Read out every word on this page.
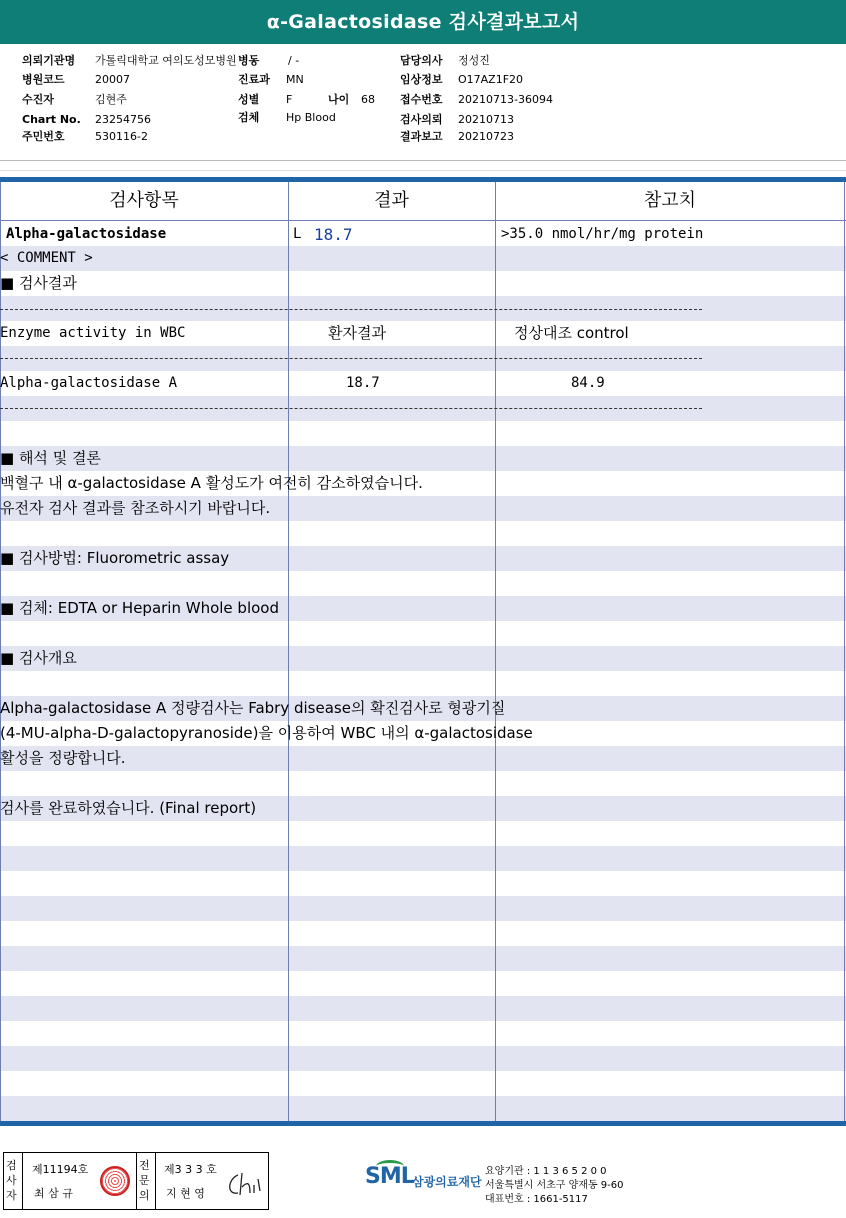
α-Galactosidase 검사결과보고서
의뢰기관명 가톨릭대학교 여의도성모병원 병동	/ -	담당의사 정성진
병원코드	20007	진료과 MN	임상정보 O17AZ1F20
수진자	김현주	성별 F	나이 68 접수번호 20210713-36094
Chart No. 23254756	검체 Hp Blood	검사의뢰 20210713
주민번호	530116-2	결과보고 20210723
검사항목	결과	참고치
Alpha-galactosidase	L 18.7	>35.0 nmol/hr/mg protein
< COMMENT >
■ 검사결과
Enzyme activity in WBC	환자결과	정상대조 control
Alpha-galactosidase A	18.7	84.9
■ 해석 및 결론
백혈구 내 α-galactosidase A 활성도가 여전히 감소하였습니다.
유전자 검사 결과를 참조하시기 바랍니다.
■ 검사방법: Fluorometric assay
■ 검체: EDTA or Heparin Whole blood
■ 검사개요
Alpha-galactosidase A 정량검사는 Fabry disease의 확진검사로 형광기질
(4-MU-alpha-D-galactopyranoside)을 이용하여 WBC 내의 α-galactosidase
활성을 정량합니다.
검사를 완료하였습니다. (Final report)
검사자
제11194호
최 삼 규
전문의
제3 3 3 호
지 현 영
SML
삼광의료재단
요양기관 : 1 1 3 6 5 2 0 0
서울특별시 서초구 양재동 9-60
대표번호 : 1661-5117
